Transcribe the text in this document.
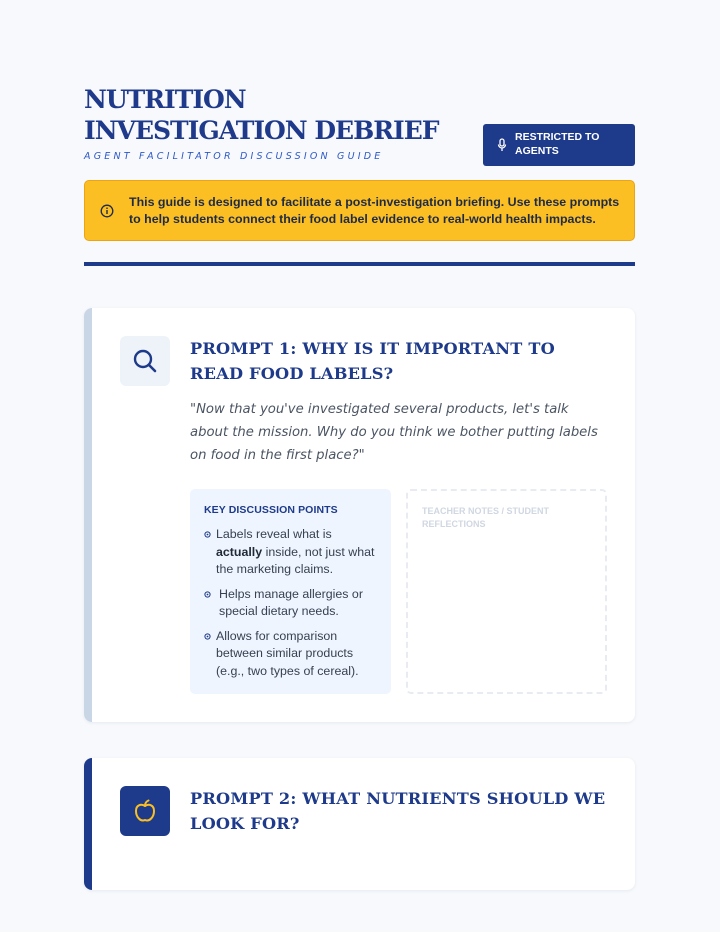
NUTRITION INVESTIGATION DEBRIEF
AGENT FACILITATOR DISCUSSION GUIDE
RESTRICTED TO AGENTS
This guide is designed to facilitate a post-investigation briefing. Use these prompts to help students connect their food label evidence to real-world health impacts.
PROMPT 1: WHY IS IT IMPORTANT TO READ FOOD LABELS?
"Now that you've investigated several products, let's talk about the mission. Why do you think we bother putting labels on food in the first place?"
KEY DISCUSSION POINTS
Labels reveal what is actually inside, not just what the marketing claims.
Helps manage allergies or special dietary needs.
Allows for comparison between similar products (e.g., two types of cereal).
TEACHER NOTES / STUDENT REFLECTIONS
PROMPT 2: WHAT NUTRIENTS SHOULD WE LOOK FOR?
